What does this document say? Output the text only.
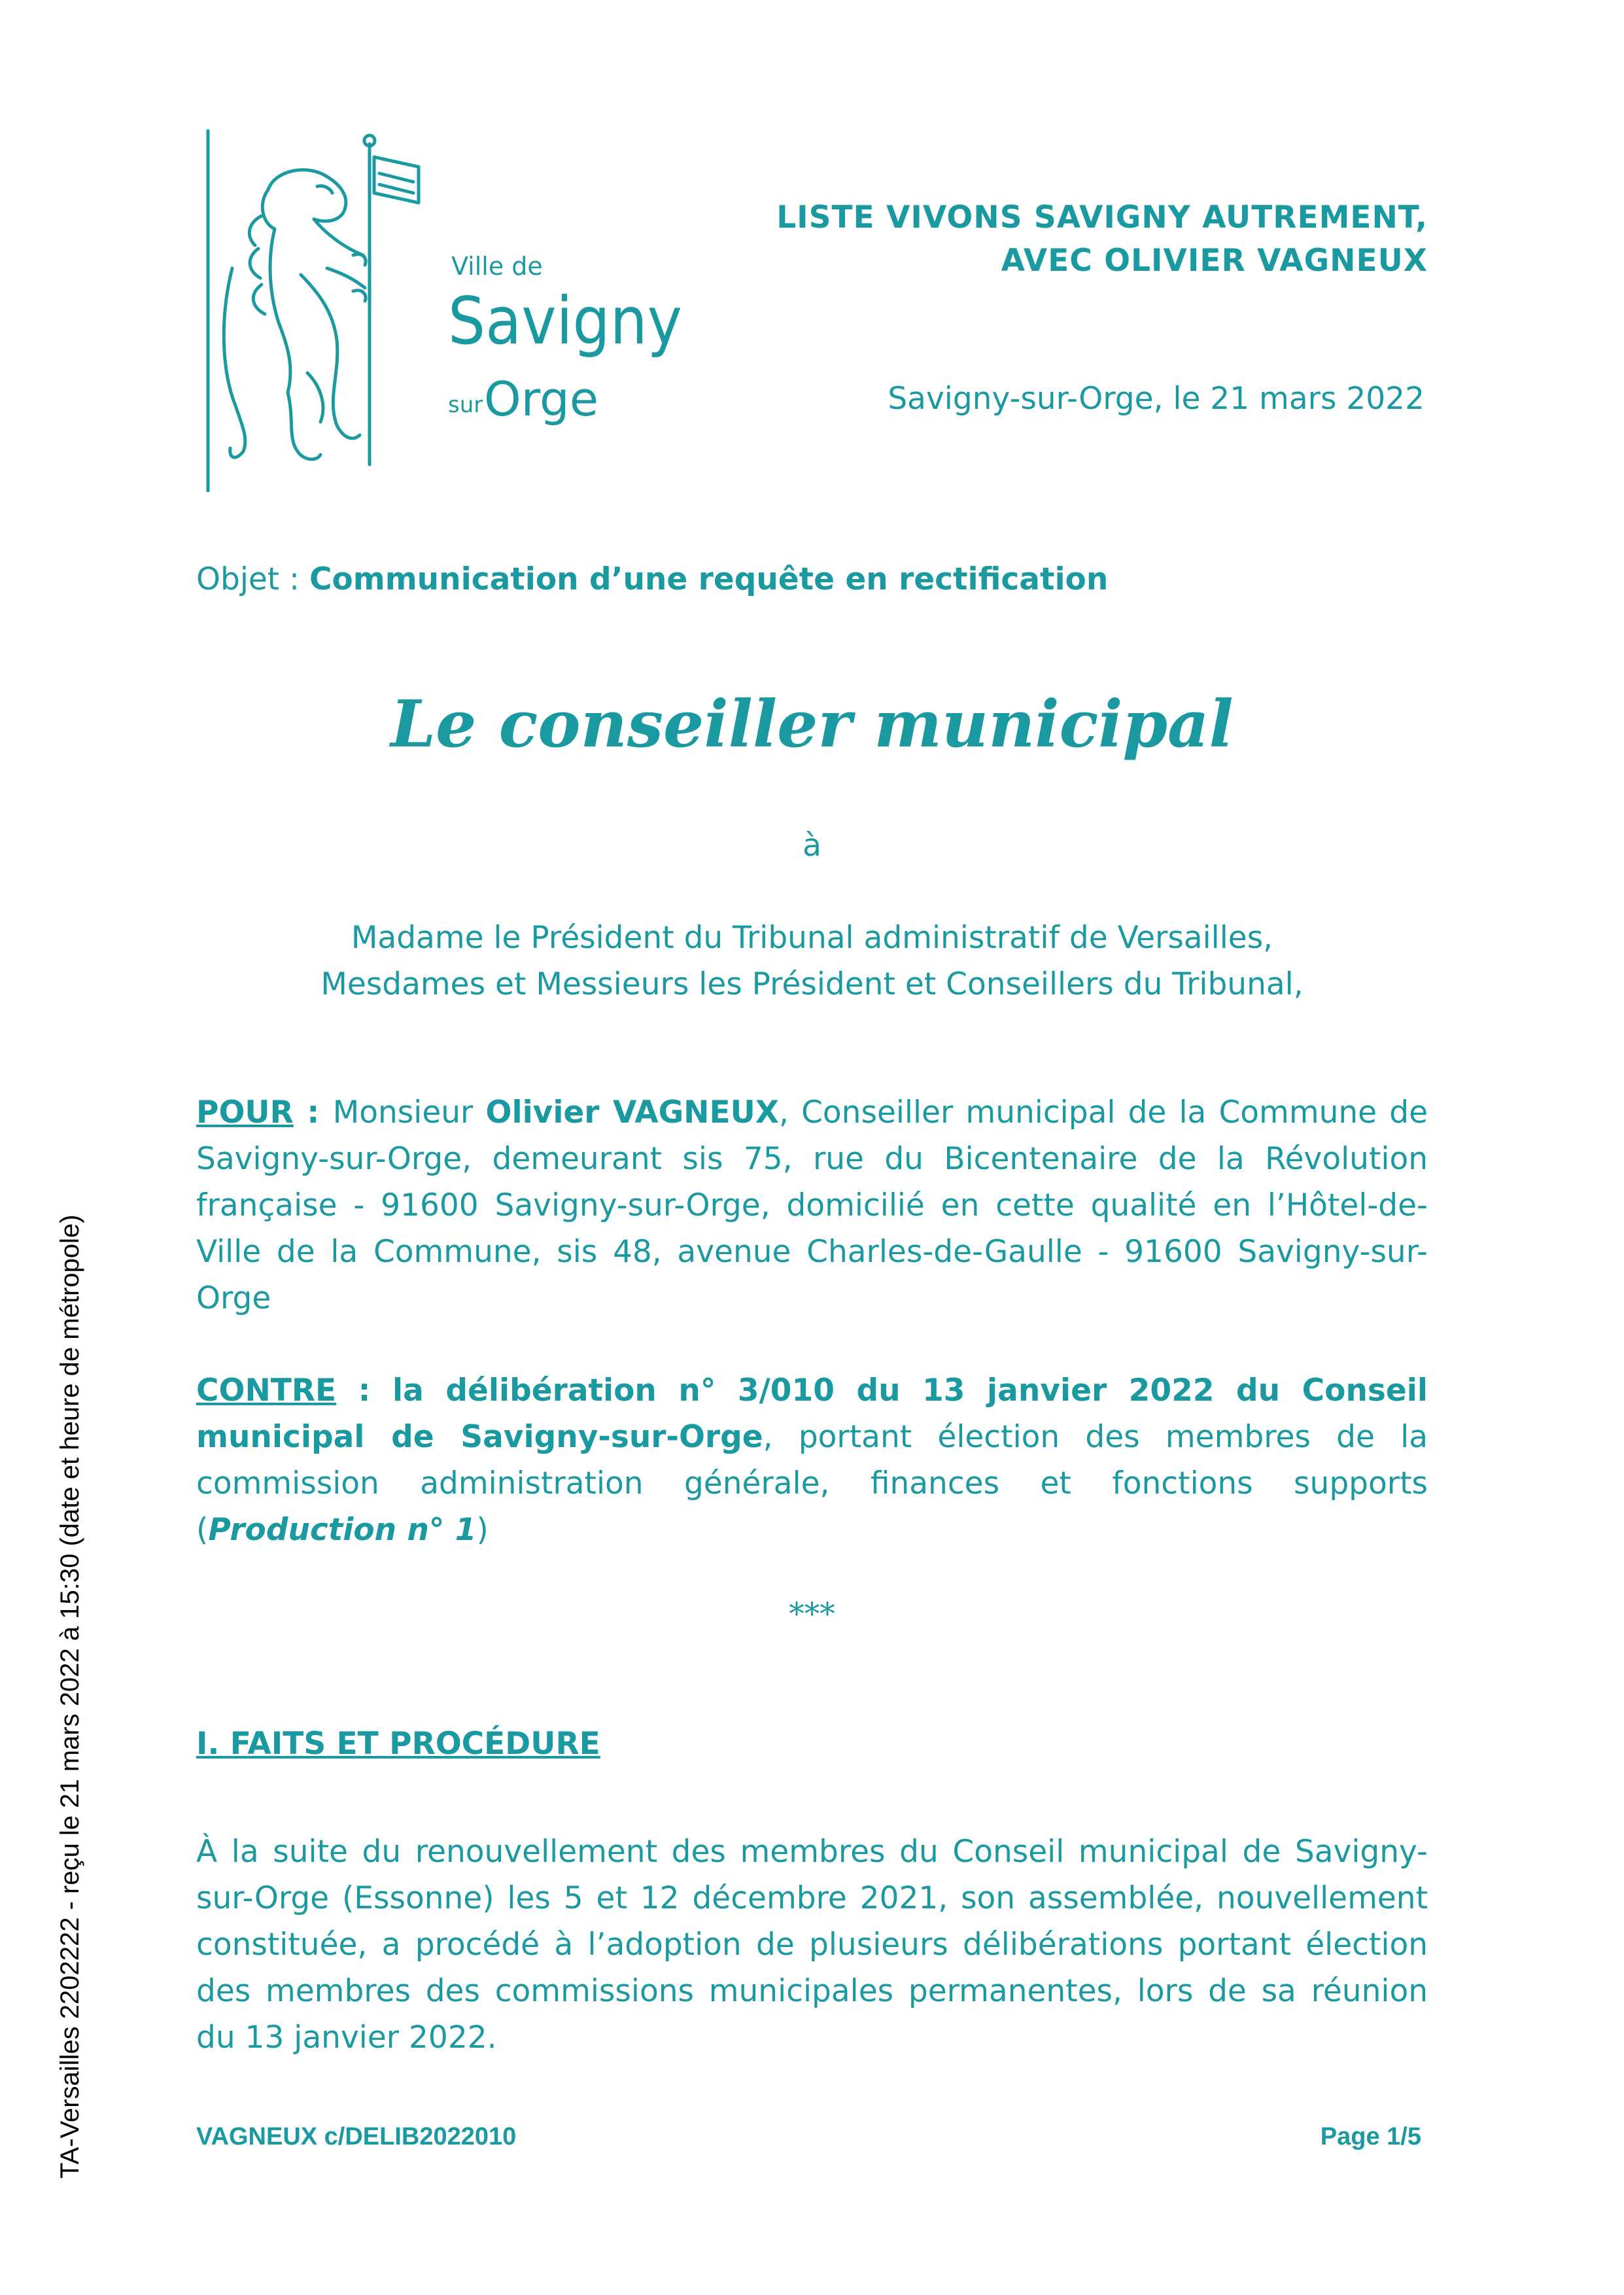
Ville de
Savigny
sur Orge
LISTE VIVONS SAVIGNY AUTREMENT,
AVEC OLIVIER VAGNEUX
Savigny-sur-Orge, le 21 mars 2022
Objet : Communication d’une requête en rectification
Le conseiller municipal
à
Madame le Président du Tribunal administratif de Versailles,
Mesdames et Messieurs les Président et Conseillers du Tribunal,
POUR : Monsieur Olivier VAGNEUX, Conseiller municipal de la Commune de Savigny-sur-Orge, demeurant sis 75, rue du Bicentenaire de la Révolution française - 91600 Savigny-sur-Orge, domicilié en cette qualité en l’Hôtel-de-Ville de la Commune, sis 48, avenue Charles-de-Gaulle - 91600 Savigny-sur-Orge
CONTRE : la délibération n° 3/010 du 13 janvier 2022 du Conseil municipal de Savigny-sur-Orge, portant élection des membres de la commission administration générale, finances et fonctions supports (Production n° 1)
***
I. FAITS ET PROCÉDURE
À la suite du renouvellement des membres du Conseil municipal de Savigny-sur-Orge (Essonne) les 5 et 12 décembre 2021, son assemblée, nouvellement constituée, a procédé à l’adoption de plusieurs délibérations portant élection des membres des commissions municipales permanentes, lors de sa réunion du 13 janvier 2022.
VAGNEUX c/DELIB2022010	Page 1/5
TA-Versailles 2202222 - reçu le 21 mars 2022 à 15:30 (date et heure de métropole)
